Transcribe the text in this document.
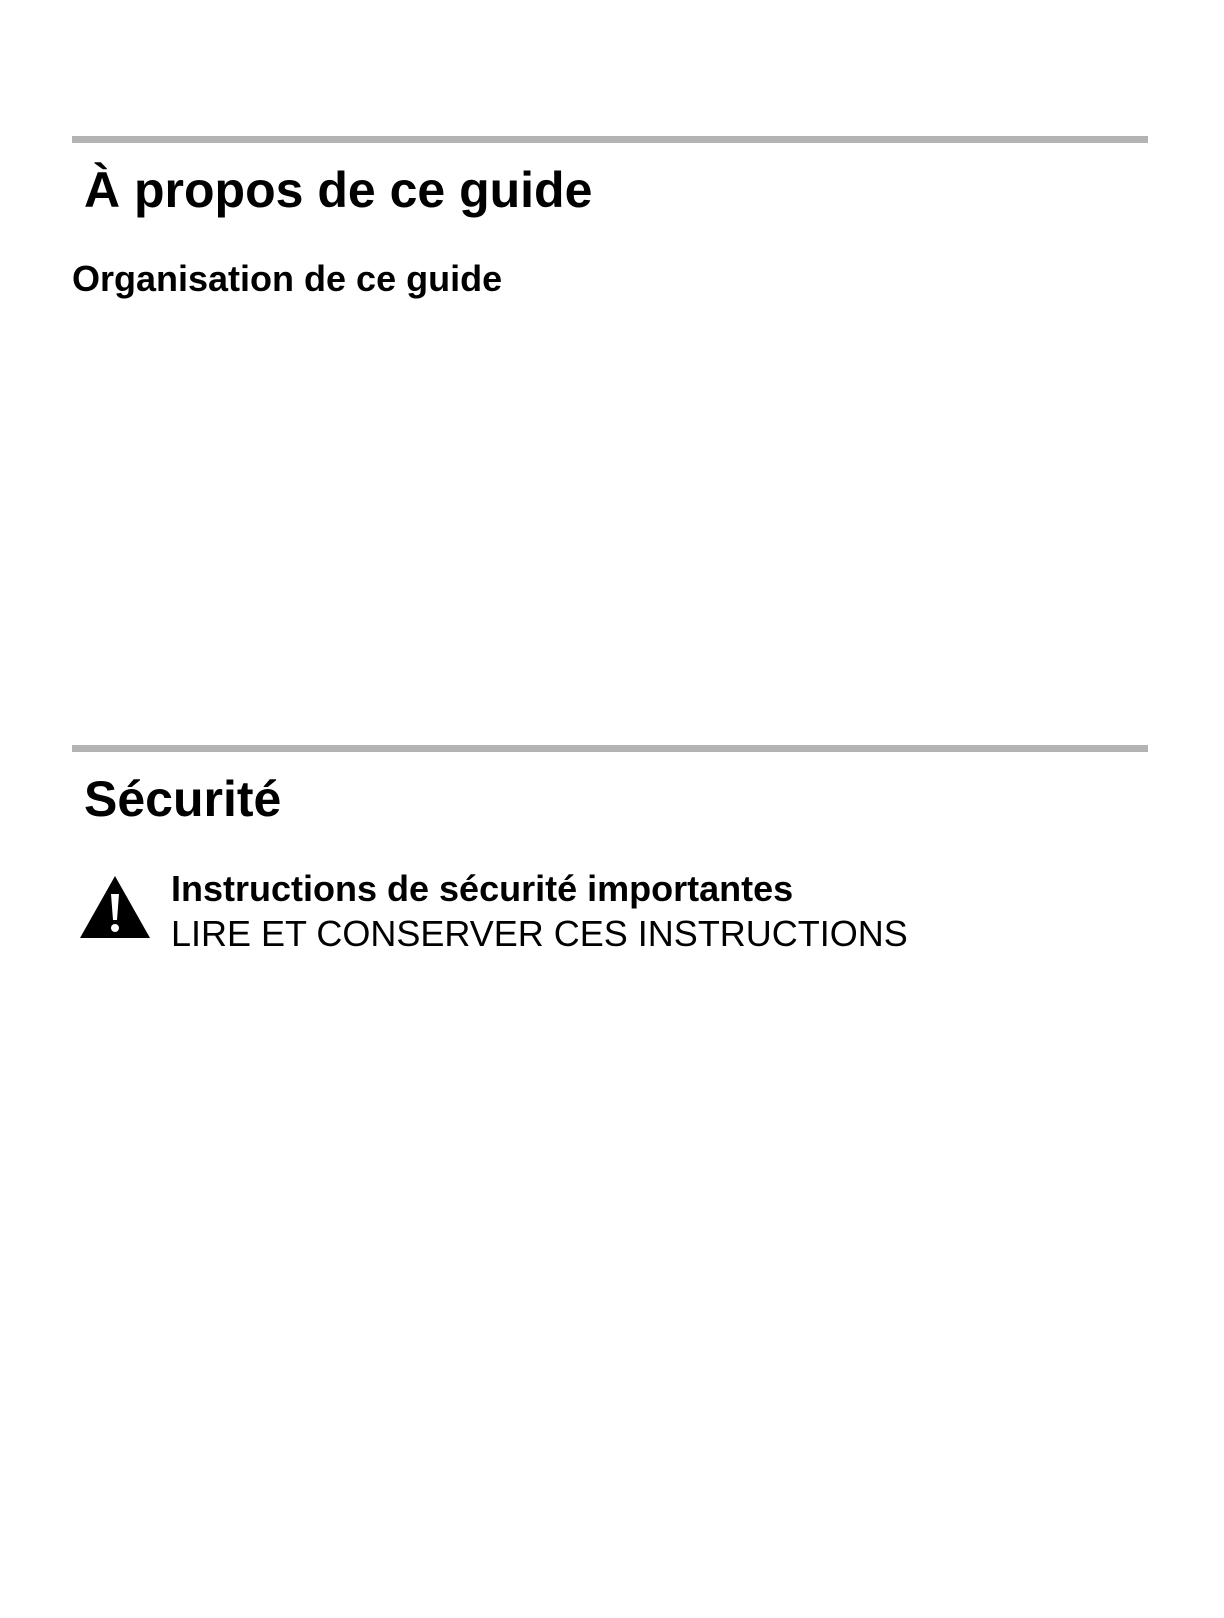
À propos de ce guide
Organisation de ce guide
Sécurité

Instructions de sécurité importantes

LIRE ET CONSERVER CES INSTRUCTIONS
